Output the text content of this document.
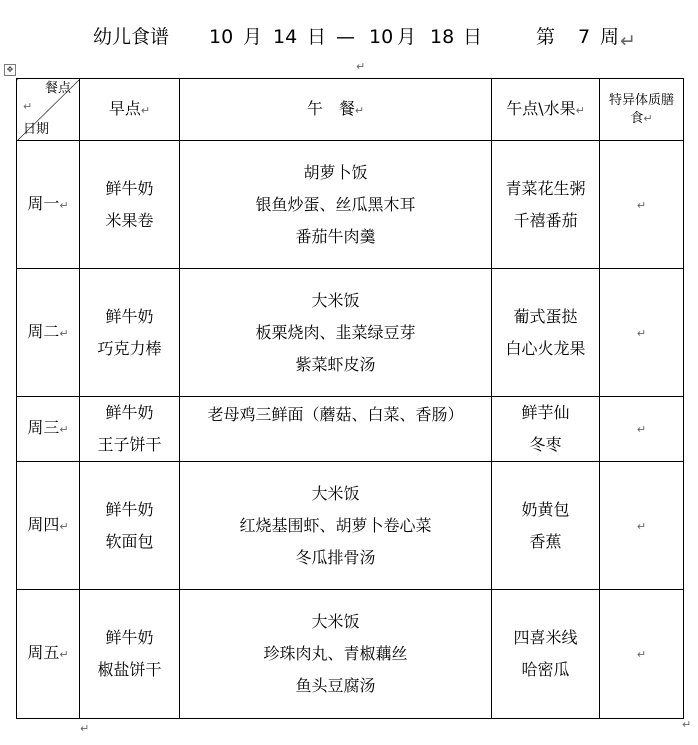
幼儿食谱 10 月 14 日 — 10 月 18 日	第 7 周 ↵
✥	↵
餐点
↵
日期	早点↵	午　餐↵	午点\水果↵	特异体质膳食↵
周一↵	鲜牛奶
米果卷	胡萝卜饭
银鱼炒蛋、丝瓜黑木耳
番茄牛肉羹	青菜花生粥
千禧番茄	↵
周二↵	鲜牛奶
巧克力棒	大米饭
板栗烧肉、韭菜绿豆芽
紫菜虾皮汤	葡式蛋挞
白心火龙果	↵
周三↵	鲜牛奶
王子饼干	老母鸡三鲜面（蘑菇、白菜、香肠）	鲜芋仙
冬枣	↵
周四↵	鲜牛奶
软面包	大米饭
红烧基围虾、胡萝卜卷心菜
冬瓜排骨汤	奶黄包
香蕉	↵
周五↵	鲜牛奶
椒盐饼干	大米饭
珍珠肉丸、青椒藕丝
鱼头豆腐汤	四喜米线
哈密瓜	↵
↵	↵
